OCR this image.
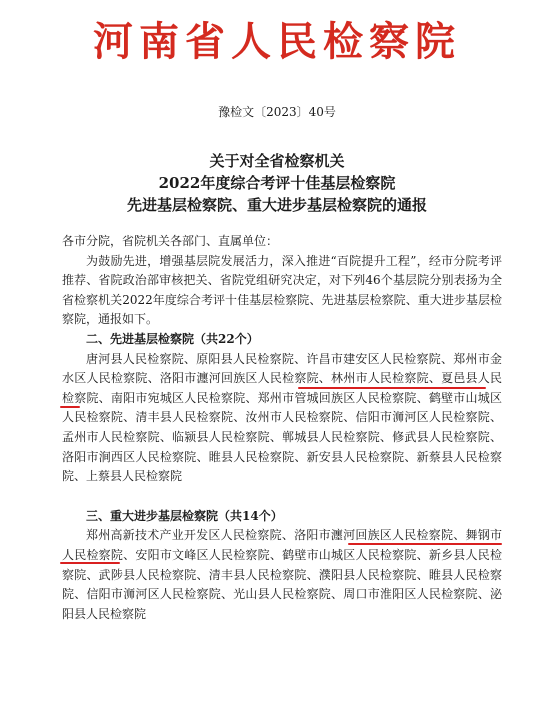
河南省人民检察院
豫检文〔2023〕40号
关于对全省检察机关
2022年度综合考评十佳基层检察院
先进基层检察院、重大进步基层检察院的通报

各市分院，省院机关各部门、直属单位：

为鼓励先进，增强基层院发展活力，深入推进“百院提升工程”，经市分院考评推荐、省院政治部审核把关、省院党组研究决定，对下列46个基层院分别表扬为全省检察机关2022年度综合考评十佳基层检察院、先进基层检察院、重大进步基层检察院，通报如下。

二、先进基层检察院（共22个）

唐河县人民检察院、原阳县人民检察院、许昌市建安区人民检察院、郑州市金水区人民检察院、洛阳市瀍河回族区人民检察院、林州市人民检察院、夏邑县人民检察院、南阳市宛城区人民检察院、郑州市管城回族区人民检察院、鹤壁市山城区人民检察院、清丰县人民检察院、汝州市人民检察院、信阳市浉河区人民检察院、孟州市人民检察院、临颍县人民检察院、郸城县人民检察院、修武县人民检察院、洛阳市涧西区人民检察院、睢县人民检察院、新安县人民检察院、新蔡县人民检察院、上蔡县人民检察院

三、重大进步基层检察院（共14个）

郑州高新技术产业开发区人民检察院、洛阳市瀍河回族区人民检察院、舞钢市人民检察院、安阳市文峰区人民检察院、鹤壁市山城区人民检察院、新乡县人民检察院、武陟县人民检察院、清丰县人民检察院、濮阳县人民检察院、睢县人民检察院、信阳市浉河区人民检察院、光山县人民检察院、周口市淮阳区人民检察院、泌阳县人民检察院
